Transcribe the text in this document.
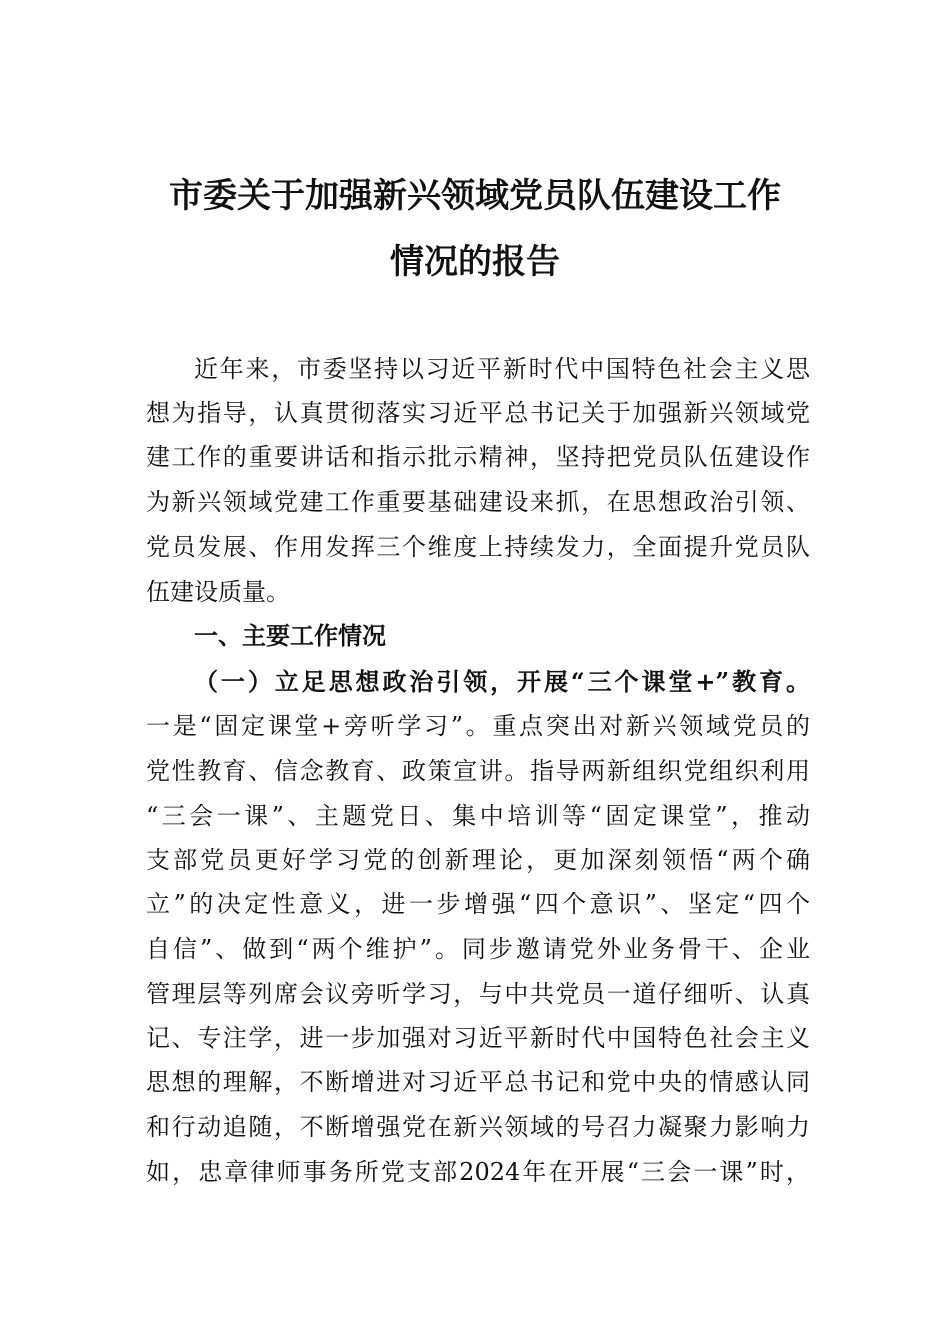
市委关于加强新兴领域党员队伍建设工作
情况的报告
近年来，市委坚持以习近平新时代中国特色社会主义思
想为指导，认真贯彻落实习近平总书记关于加强新兴领域党
建工作的重要讲话和指示批示精神，坚持把党员队伍建设作
为新兴领域党建工作重要基础建设来抓，在思想政治引领、
党员发展、作用发挥三个维度上持续发力，全面提升党员队
伍建设质量。
一、主要工作情况
（一）立足思想政治引领，开展“三个课堂+”教育。
一是“固定课堂+旁听学习”。重点突出对新兴领域党员的
党性教育、信念教育、政策宣讲。指导两新组织党组织利用
“三会一课”、主题党日、集中培训等“固定课堂”，推动
支部党员更好学习党的创新理论，更加深刻领悟“两个确
立”的决定性意义，进一步增强“四个意识”、坚定“四个
自信”、做到“两个维护”。同步邀请党外业务骨干、企业
管理层等列席会议旁听学习，与中共党员一道仔细听、认真
记、专注学，进一步加强对习近平新时代中国特色社会主义
思想的理解，不断增进对习近平总书记和党中央的情感认同
和行动追随，不断增强党在新兴领域的号召力凝聚力影响力
如，忠章律师事务所党支部2024年在开展“三会一课”时，
